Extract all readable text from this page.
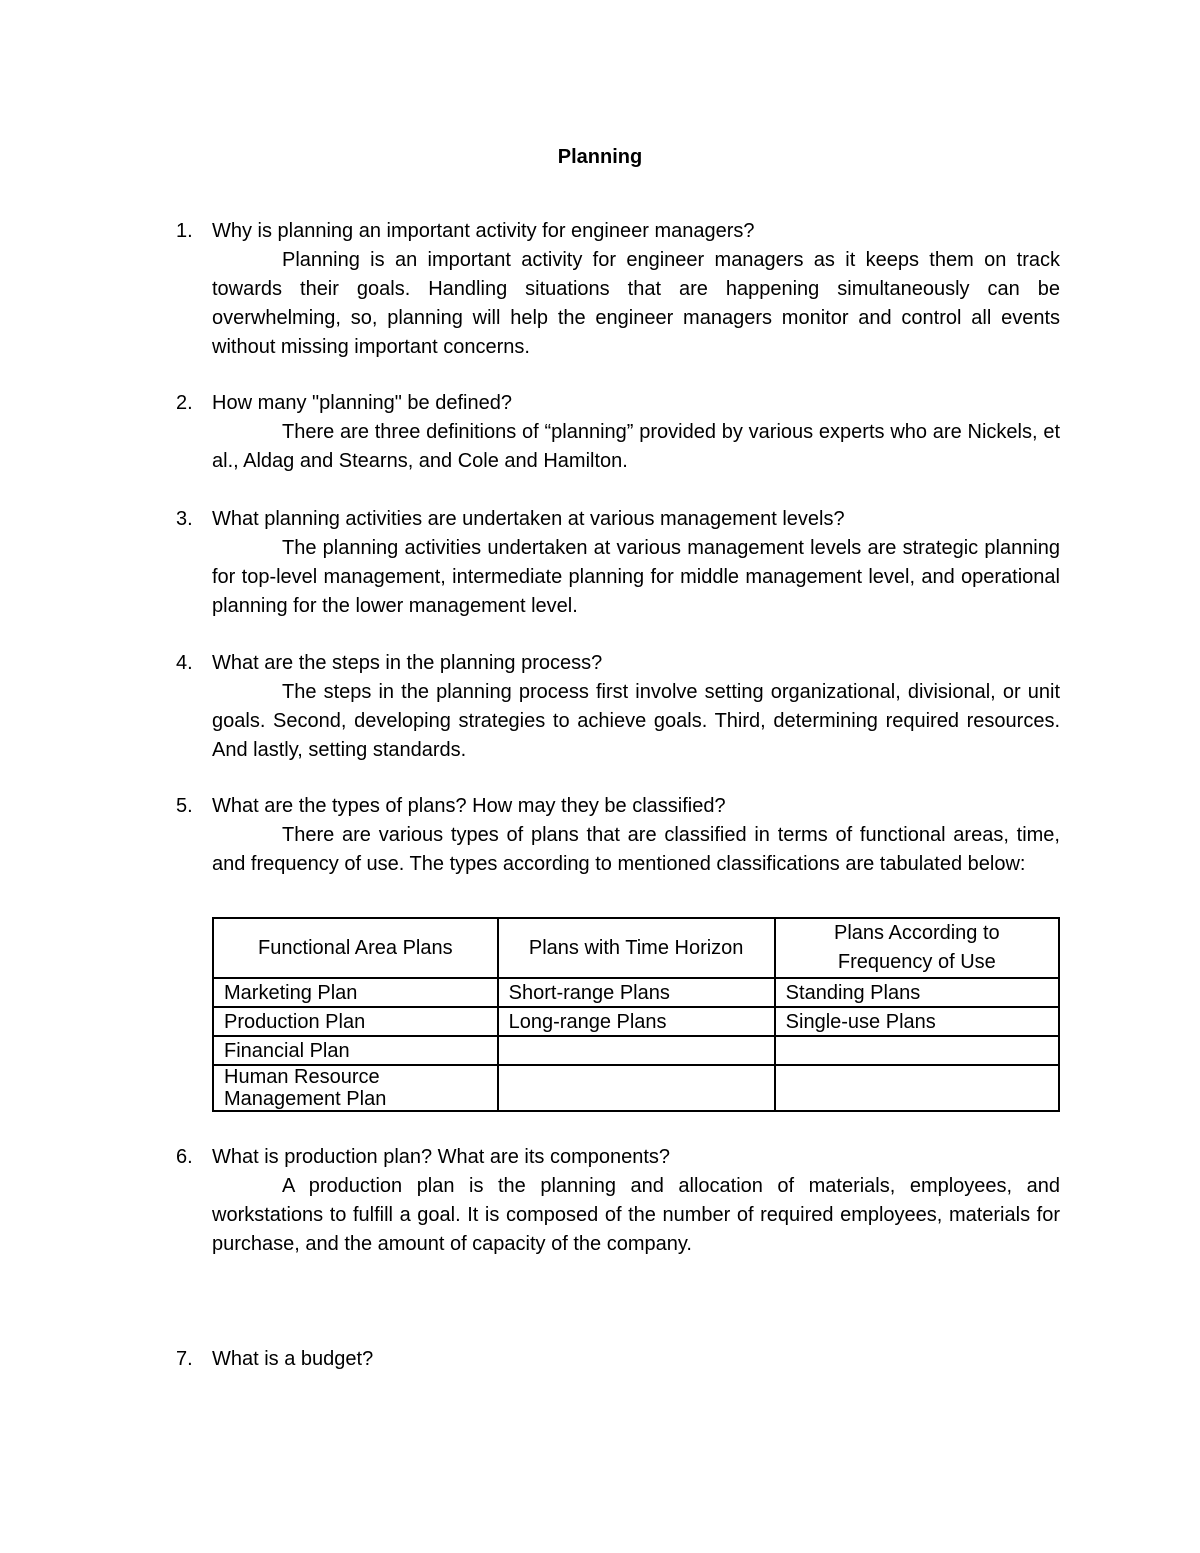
Planning
1. Why is planning an important activity for engineer managers?
Planning is an important activity for engineer managers as it keeps them on track towards their goals. Handling situations that are happening simultaneously can be overwhelming, so, planning will help the engineer managers monitor and control all events without missing important concerns.
2. How many "planning" be defined?
There are three definitions of “planning” provided by various experts who are Nickels, et al., Aldag and Stearns, and Cole and Hamilton.
3. What planning activities are undertaken at various management levels?
The planning activities undertaken at various management levels are strategic planning for top-level management, intermediate planning for middle management level, and operational planning for the lower management level.
4. What are the steps in the planning process?
The steps in the planning process first involve setting organizational, divisional, or unit goals. Second, developing strategies to achieve goals. Third, determining required resources. And lastly, setting standards.
5. What are the types of plans? How may they be classified?
There are various types of plans that are classified in terms of functional areas, time, and frequency of use. The types according to mentioned classifications are tabulated below:
Functional Area Plans	Plans with Time Horizon	Plans According to Frequency of Use
Marketing Plan	Short-range Plans	Standing Plans
Production Plan	Long-range Plans	Single-use Plans
Financial Plan		
Human Resource Management Plan		
6. What is production plan? What are its components?
A production plan is the planning and allocation of materials, employees, and workstations to fulfill a goal. It is composed of the number of required employees, materials for purchase, and the amount of capacity of the company.
7. What is a budget?
